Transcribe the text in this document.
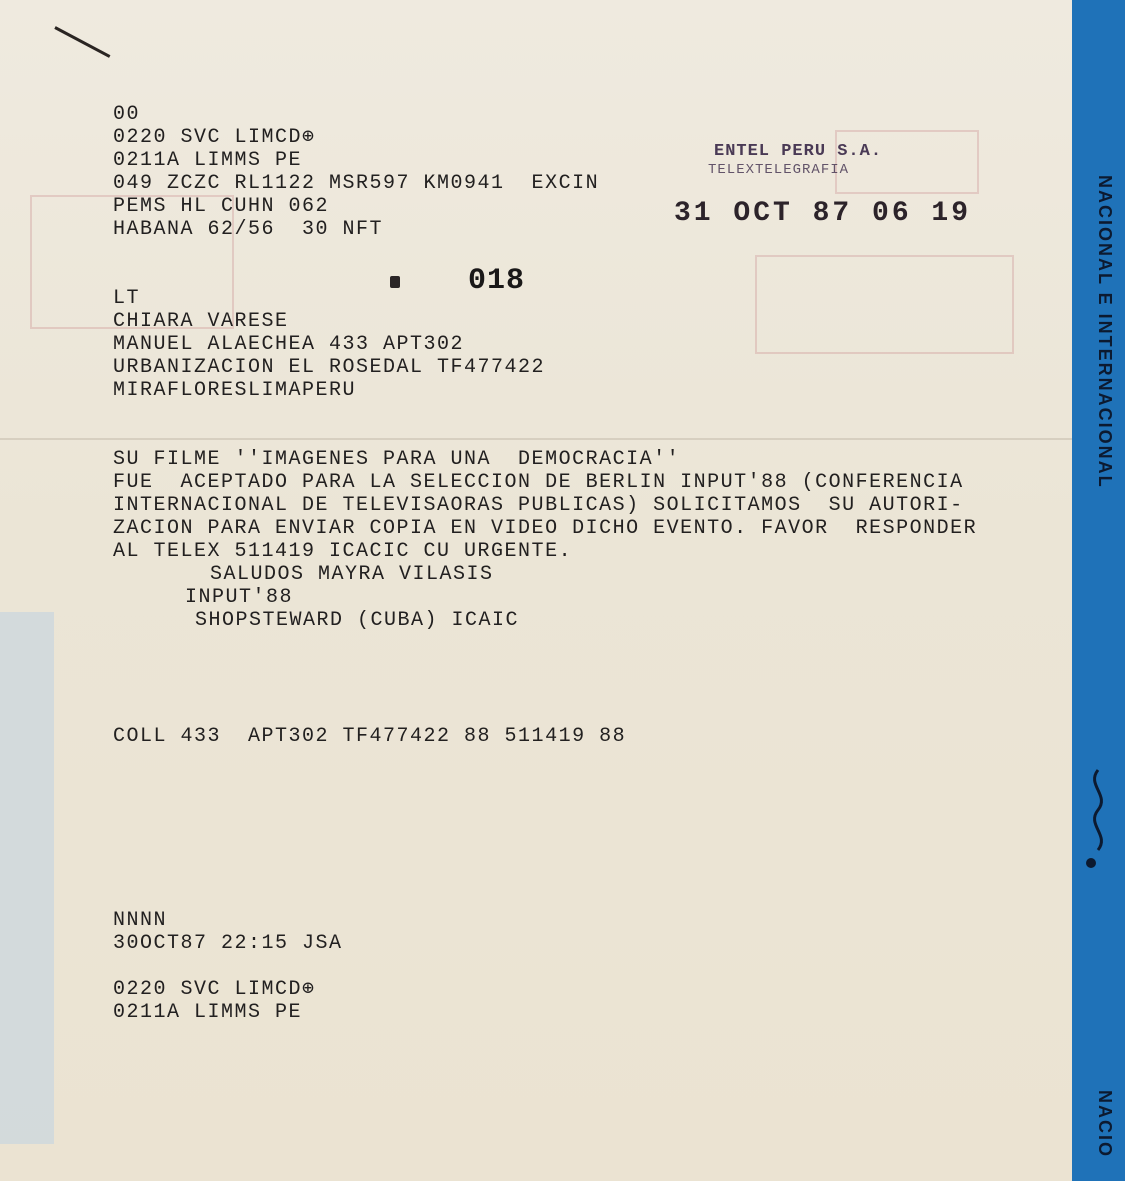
00
0220 SVC LIMCD⊕
0211A LIMMS PE
049 ZCZC RL1122 MSR597 KM0941  EXCIN
PEMS HL CUHN 062
HABANA 62/56  30 NFT
ENTEL PERU S.A.
TELEXTELEGRAFIA
31 OCT 87 06 19
018
LT
CHIARA VARESE
MANUEL ALAECHEA 433 APT302
URBANIZACION EL ROSEDAL TF477422
MIRAFLORESLIMAPERU
SU FILME ''IMAGENES PARA UNA  DEMOCRACIA''
FUE  ACEPTADO PARA LA SELECCION DE BERLIN INPUT'88 (CONFERENCIA
INTERNACIONAL DE TELEVISAORAS PUBLICAS) SOLICITAMOS  SU AUTORI-
ZACION PARA ENVIAR COPIA EN VIDEO DICHO EVENTO. FAVOR  RESPONDER
AL TELEX 511419 ICACIC CU URGENTE.
SALUDOS MAYRA VILASIS
INPUT'88
SHOPSTEWARD (CUBA) ICAIC
COLL 433  APT302 TF477422 88 511419 88
NNNN
30OCT87 22:15 JSA
0220 SVC LIMCD⊕
0211A LIMMS PE
NACIONAL E INTERNACIONAL
NACIO
